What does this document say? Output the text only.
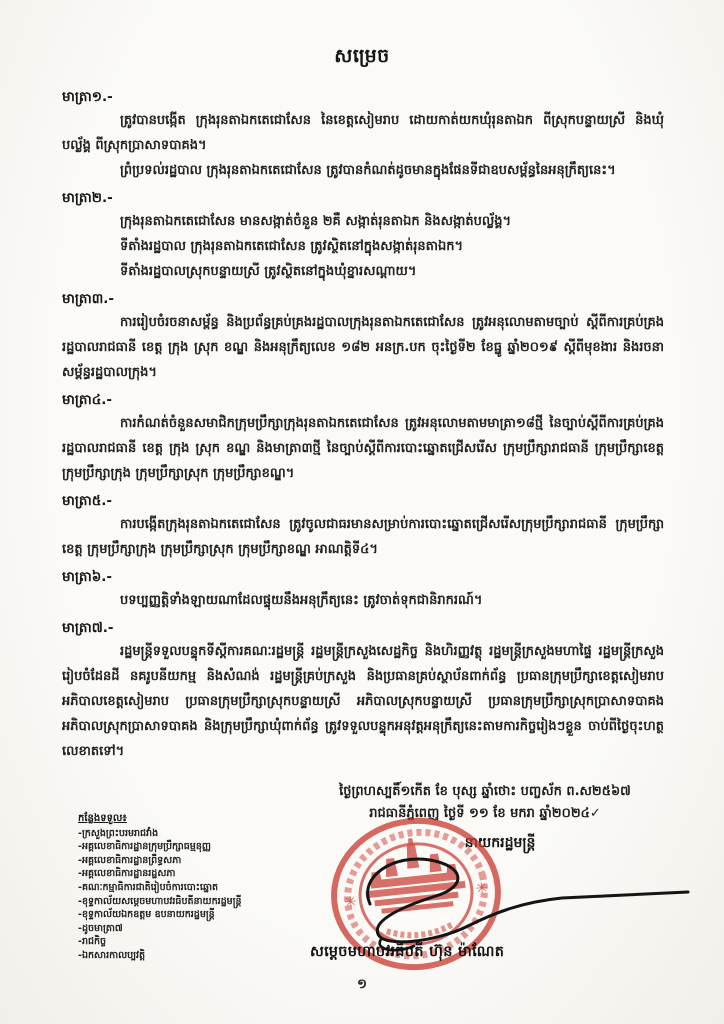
សម្រេច
មាត្រា១.-

ត្រូវបានបង្កើត ក្រុងរុនតាឯកតេជោសែន នៃខេត្តសៀមរាប ដោយកាត់យកឃុំរុនតាឯក ពីស្រុកបន្ទាយស្រី និងឃុំបល្ល័ង្គ ពីស្រុកប្រាសាទបាគង។

ព្រំប្រទល់រដ្ឋបាល ក្រុងរុនតាឯកតេជោសែន ត្រូវបានកំណត់ដូចមានក្នុងផែនទីជាឧបសម្ព័ន្ធនៃអនុក្រឹត្យនេះ។

មាត្រា២.-

ក្រុងរុនតាឯកតេជោសែន មានសង្កាត់ចំនួន ២គឺ សង្កាត់រុនតាឯក និងសង្កាត់បល្ល័ង្គ។

ទីតាំងរដ្ឋបាល ក្រុងរុនតាឯកតេជោសែន ត្រូវស្ថិតនៅក្នុងសង្កាត់រុនតាឯក។

ទីតាំងរដ្ឋបាលស្រុកបន្ទាយស្រី ត្រូវស្ថិតនៅក្នុងឃុំខ្នារសណ្ដាយ។

មាត្រា៣.-

ការរៀបចំរចនាសម្ព័ន្ធ និងប្រព័ន្ធគ្រប់គ្រងរដ្ឋបាលក្រុងរុនតាឯកតេជោសែន ត្រូវអនុលោមតាមច្បាប់ ស្ដីពីការគ្រប់គ្រងរដ្ឋបាលរាជធានី ខេត្ត ក្រុង ស្រុក ខណ្ឌ និងអនុក្រឹត្យលេខ ១៨២ អនក្រ.បក ចុះថ្ងៃទី២ ខែធ្នូ ឆ្នាំ២០១៩ ស្ដីពីមុខងារ និងរចនាសម្ព័ន្ធរដ្ឋបាលក្រុង។

មាត្រា៤.-

ការកំណត់ចំនួនសមាជិកក្រុមប្រឹក្សាក្រុងរុនតាឯកតេជោសែន ត្រូវអនុលោមតាមមាត្រា១៨ថ្មី នៃច្បាប់ស្ដីពីការគ្រប់គ្រងរដ្ឋបាលរាជធានី ខេត្ត ក្រុង ស្រុក ខណ្ឌ និងមាត្រា៣ថ្មី នៃច្បាប់ស្ដីពីការបោះឆ្នោតជ្រើសរើស ក្រុមប្រឹក្សារាជធានី ក្រុមប្រឹក្សាខេត្ត ក្រុមប្រឹក្សាក្រុង ក្រុមប្រឹក្សាស្រុក ក្រុមប្រឹក្សាខណ្ឌ។

មាត្រា៥.-

ការបង្កើតក្រុងរុនតាឯកតេជោសែន ត្រូវចូលជាធរមានសម្រាប់ការបោះឆ្នោតជ្រើសរើសក្រុមប្រឹក្សារាជធានី ក្រុមប្រឹក្សាខេត្ត ក្រុមប្រឹក្សាក្រុង ក្រុមប្រឹក្សាស្រុក ក្រុមប្រឹក្សាខណ្ឌ អាណត្តិទី៤។

មាត្រា៦.-

បទប្បញ្ញត្តិទាំងឡាយណាដែលផ្ទុយនឹងអនុក្រឹត្យនេះ ត្រូវចាត់ទុកជានិរាករណ៍។

មាត្រា៧.-

រដ្ឋមន្ត្រីទទួលបន្ទុកទីស្ដីការគណៈរដ្ឋមន្ត្រី រដ្ឋមន្ត្រីក្រសួងសេដ្ឋកិច្ច និងហិរញ្ញវត្ថុ រដ្ឋមន្ត្រីក្រសួងមហាផ្ទៃ រដ្ឋមន្ត្រីក្រសួងរៀបចំដែនដី នគរូបនីយកម្ម និងសំណង់ រដ្ឋមន្ត្រីគ្រប់ក្រសួង និងប្រធានគ្រប់ស្ថាប័នពាក់ព័ន្ធ ប្រធានក្រុមប្រឹក្សាខេត្តសៀមរាប អភិបាលខេត្តសៀមរាប ប្រធានក្រុមប្រឹក្សាស្រុកបន្ទាយស្រី អភិបាលស្រុកបន្ទាយស្រី ប្រធានក្រុមប្រឹក្សាស្រុកប្រាសាទបាគង អភិបាលស្រុកប្រាសាទបាគង និងក្រុមប្រឹក្សាឃុំពាក់ព័ន្ធ ត្រូវទទួលបន្ទុកអនុវត្តអនុក្រឹត្យនេះតាមការកិច្ចរៀងៗខ្លួន ចាប់ពីថ្ងៃចុះហត្ថលេខាតទៅ។

ថ្ងៃព្រហស្បតិ៍១កើត ខែ បុស្ស ឆ្នាំថោះ បញ្ចស័ក ព.ស២៥៦៧
រាជធានីភ្នំពេញ ថ្ងៃទី ១១ ខែ មករា ឆ្នាំ២០២៤✓
នាយករដ្ឋមន្ត្រី
✳
✳
សម្ដេចមហាបវរធិបតី ហ៊ុន ម៉ាណែត
កន្លែងទទួល៖
-ក្រសួងព្រះបរមរាជវាំង
-អគ្គលេខាធិការដ្ឋានក្រុមប្រឹក្សាធម្មនុញ្ញ
-អគ្គលេខាធិការដ្ឋានព្រឹទ្ធសភា
-អគ្គលេខាធិការដ្ឋានរដ្ឋសភា
-គណៈកម្មាធិការជាតិរៀបចំការបោះឆ្នោត
-ខុទ្ទកាល័យសម្ដេចមហាបវរធិបតីនាយករដ្ឋមន្ត្រី
-ខុទ្ទកាល័យឯកឧត្តម ឧបនាយករដ្ឋមន្ត្រី
-ដូចមាត្រា៧
-រាជកិច្ច
-ឯកសារកាលប្បវត្តិ
១
